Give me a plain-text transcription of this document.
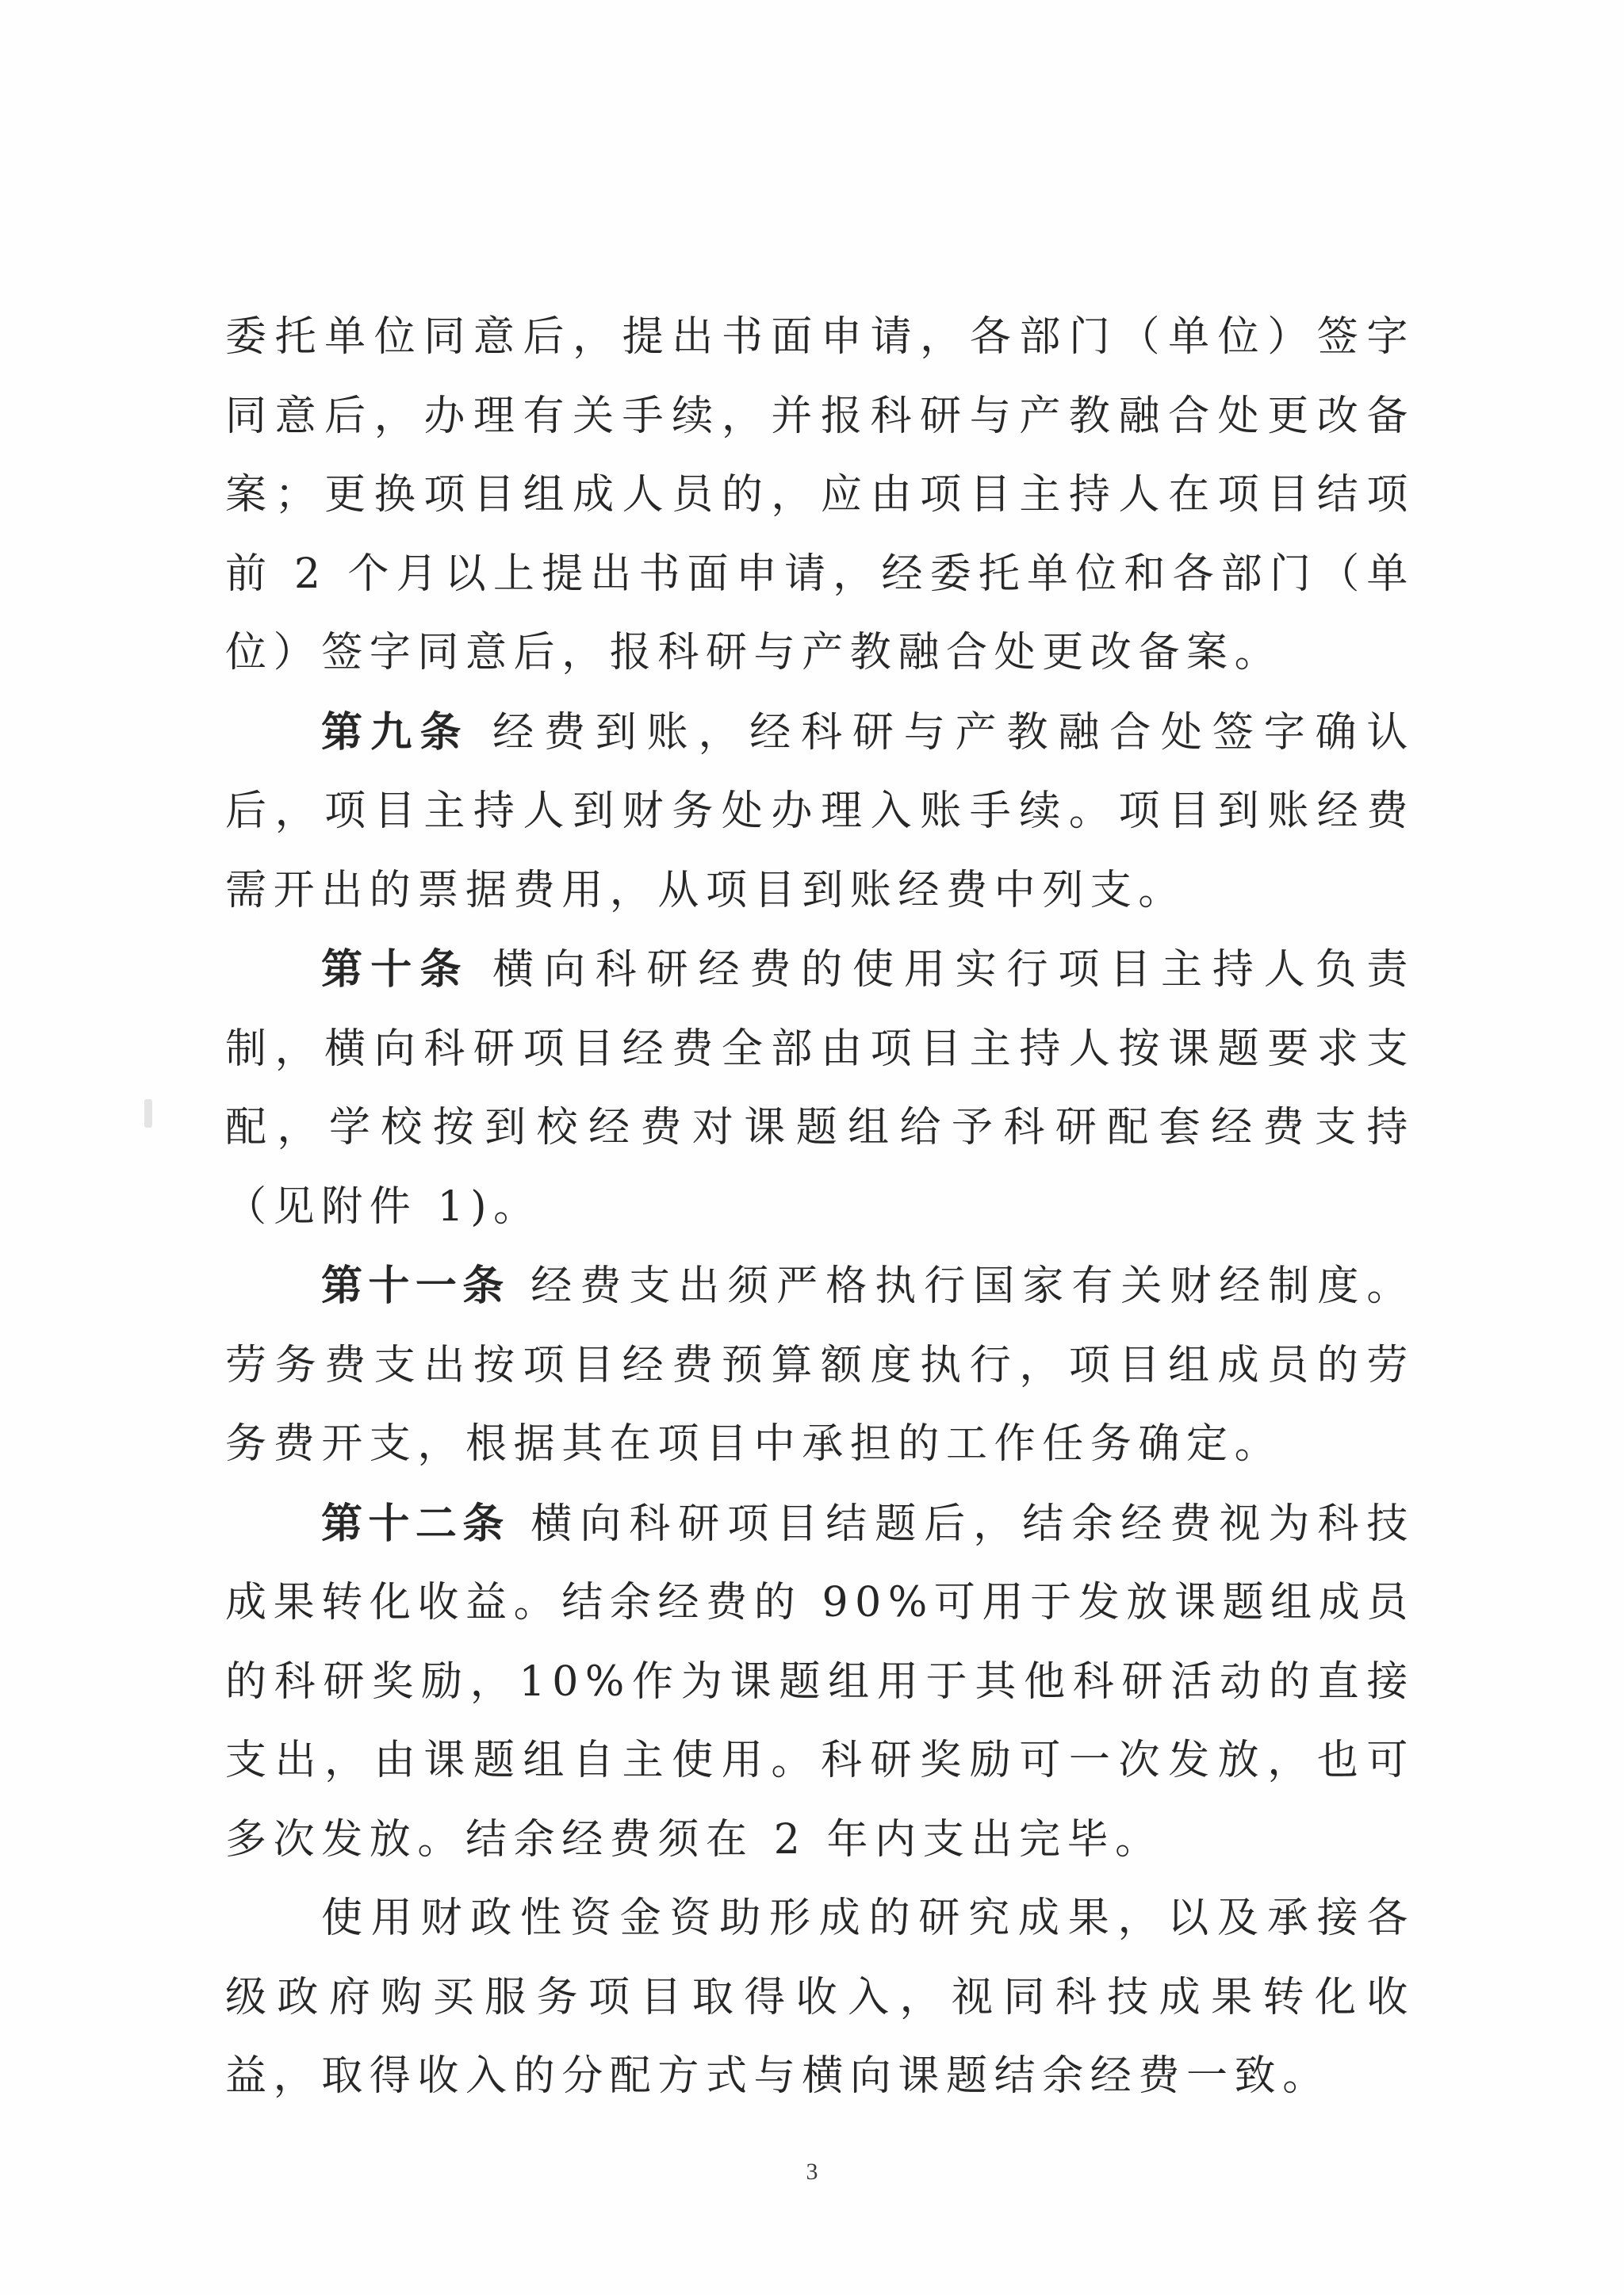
委托单位同意后，提出书面申请，各部门（单位）签字同意后，办理有关手续，并报科研与产教融合处更改备案；更换项目组成人员的，应由项目主持人在项目结项前 2 个月以上提出书面申请，经委托单位和各部门（单位）签字同意后，报科研与产教融合处更改备案。

第九条 经费到账，经科研与产教融合处签字确认后，项目主持人到财务处办理入账手续。项目到账经费需开出的票据费用，从项目到账经费中列支。

第十条 横向科研经费的使用实行项目主持人负责制，横向科研项目经费全部由项目主持人按课题要求支配，学校按到校经费对课题组给予科研配套经费支持（见附件 1)。

第十一条 经费支出须严格执行国家有关财经制度。劳务费支出按项目经费预算额度执行，项目组成员的劳务费开支，根据其在项目中承担的工作任务确定。

第十二条 横向科研项目结题后，结余经费视为科技成果转化收益。结余经费的 90%可用于发放课题组成员的科研奖励，10%作为课题组用于其他科研活动的直接支出，由课题组自主使用。科研奖励可一次发放，也可多次发放。结余经费须在 2 年内支出完毕。

使用财政性资金资助形成的研究成果，以及承接各级政府购买服务项目取得收入，视同科技成果转化收益，取得收入的分配方式与横向课题结余经费一致。

3
